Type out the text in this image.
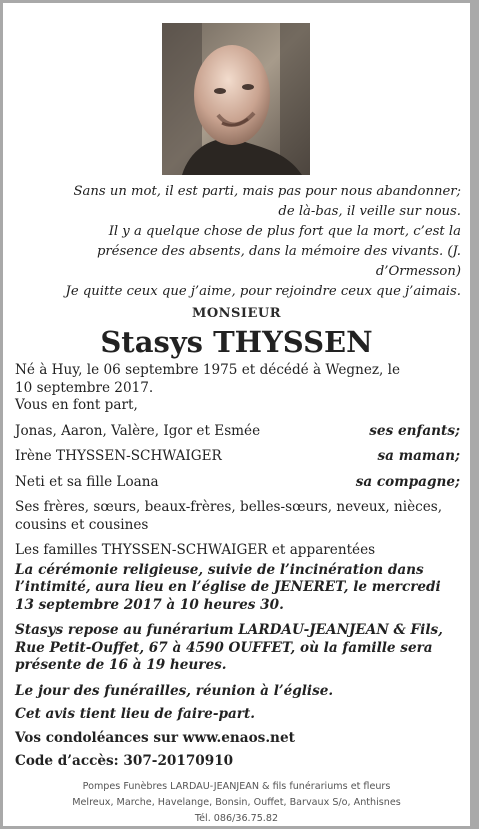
Sans un mot, il est parti, mais pas pour nous abandonner;
de là-bas, il veille sur nous.
Il y a quelque chose de plus fort que la mort, c’est la
présence des absents, dans la mémoire des vivants. (J.
d’Ormesson)
Je quitte ceux que j’aime, pour rejoindre ceux que j’aimais.
MONSIEUR
Stasys THYSSEN
Né à Huy, le 06 septembre 1975 et décédé à Wegnez, le
10 septembre 2017.
Vous en font part,
Jonas, Aaron, Valère, Igor et Esmée	ses enfants;
Irène THYSSEN-SCHWAIGER	sa maman;
Neti et sa fille Loana	sa compagne;
Ses frères, sœurs, beaux-frères, belles-sœurs, neveux, nièces,
cousins et cousines
Les familles THYSSEN-SCHWAIGER et apparentées
La cérémonie religieuse, suivie de l’incinération dans
l’intimité, aura lieu en l’église de JENERET, le mercredi
13 septembre 2017 à 10 heures 30.
Stasys repose au funérarium LARDAU-JEANJEAN & Fils,
Rue Petit-Ouffet, 67 à 4590 OUFFET, où la famille sera
présente de 16 à 19 heures.
Le jour des funérailles, réunion à l’église.
Cet avis tient lieu de faire-part.
Vos condoléances sur www.enaos.net
Code d’accès: 307-20170910
Pompes Funèbres LARDAU-JEANJEAN & fils funérariums et fleurs
Melreux, Marche, Havelange, Bonsin, Ouffet, Barvaux S/o, Anthisnes
Tél. 086/36.75.82
